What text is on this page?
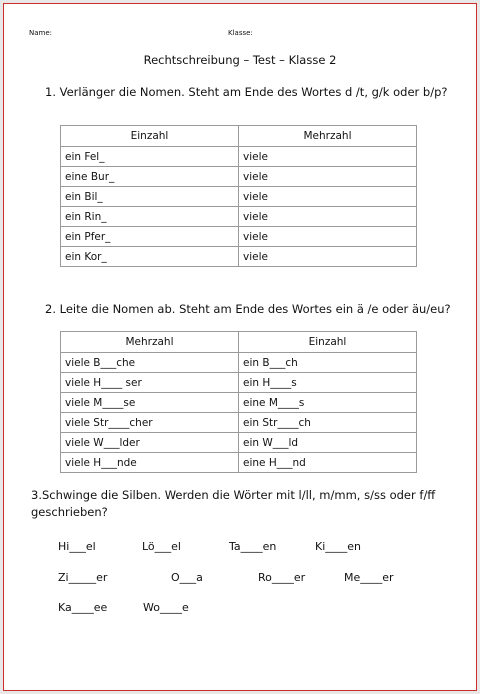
Name:	Klasse:
Rechtschreibung – Test – Klasse 2
1. Verlänger die Nomen. Steht am Ende des Wortes d /t, g/k oder b/p?
Einzahl	Mehrzahl
ein Fel_	viele
eine Bur_	viele
ein Bil_	viele
ein Rin_	viele
ein Pfer_	viele
ein Kor_	viele
2. Leite die Nomen ab. Steht am Ende des Wortes ein ä /e oder äu/eu?
Mehrzahl	Einzahl
viele B___che	ein B___ch
viele H____ ser	ein H____s
viele M____se	eine M____s
viele Str____cher	ein Str____ch
viele W___lder	ein W___ld
viele H___nde	eine H___nd
3.Schwinge die Silben. Werden die Wörter mit l/ll, m/mm, s/ss oder f/ff geschrieben?
Hi___el	Lö___el	Ta____en	Ki____en
Zi_____er	O___a	Ro____er	Me____er
Ka____ee	Wo____e
